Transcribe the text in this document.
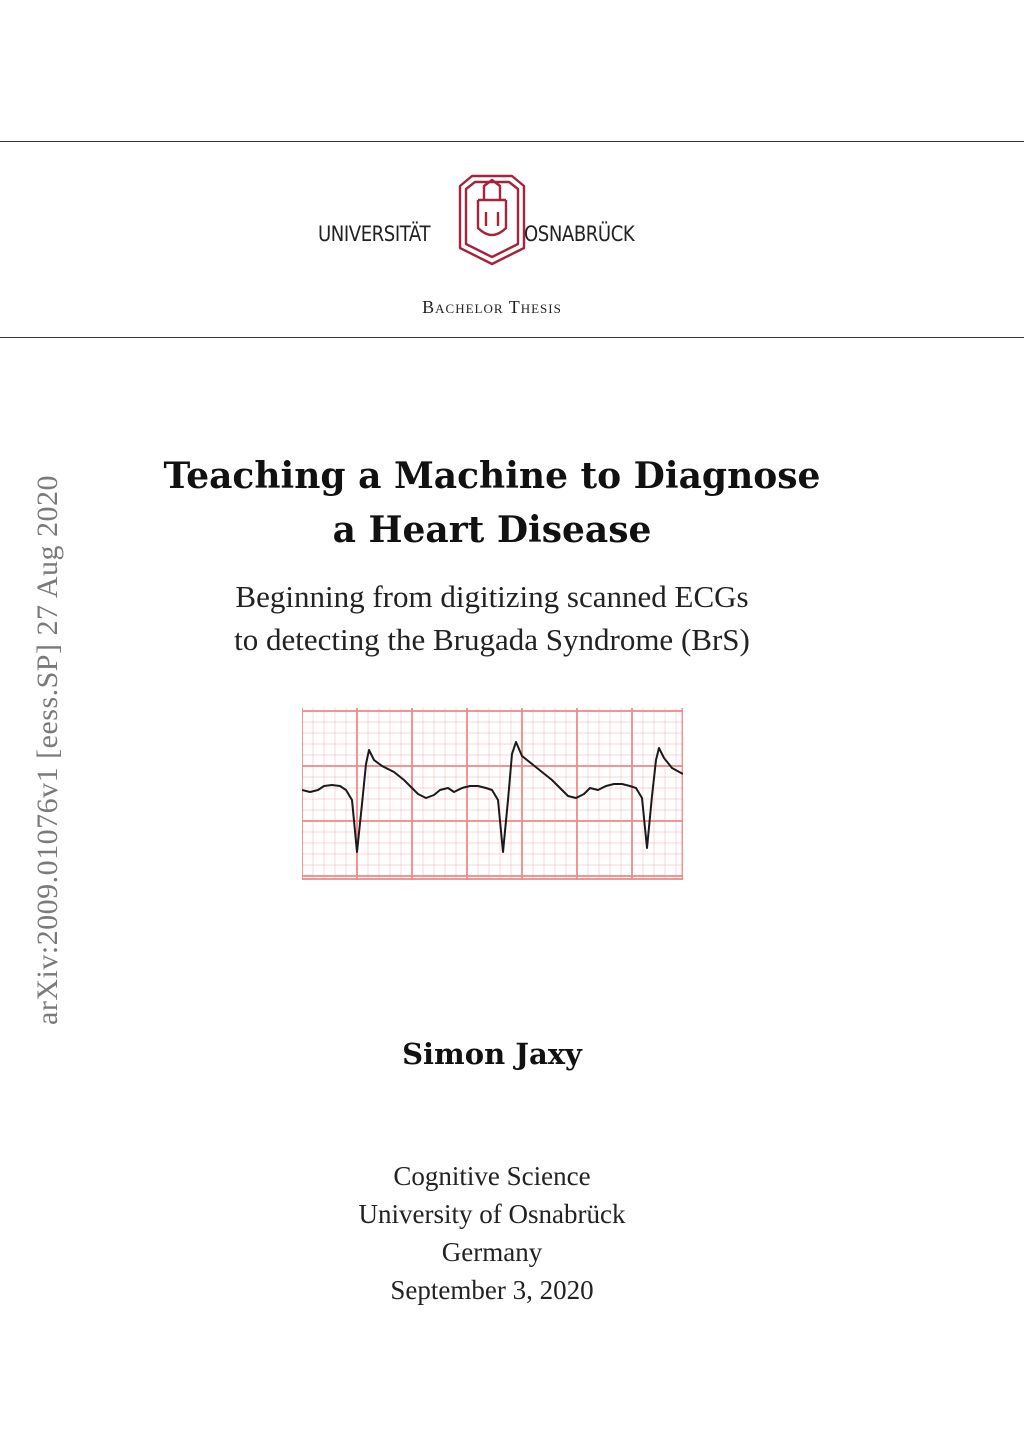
UNIVERSITÄT	OSNABRÜCK
Bachelor Thesis
arXiv:2009.01076v1 [eess.SP] 27 Aug 2020	Teaching a Machine to Diagnose
a Heart Disease
Beginning from digitizing scanned ECGs
to detecting the Brugada Syndrome (BrS)
Simon Jaxy
Cognitive Science
University of Osnabrück
Germany
September 3, 2020
